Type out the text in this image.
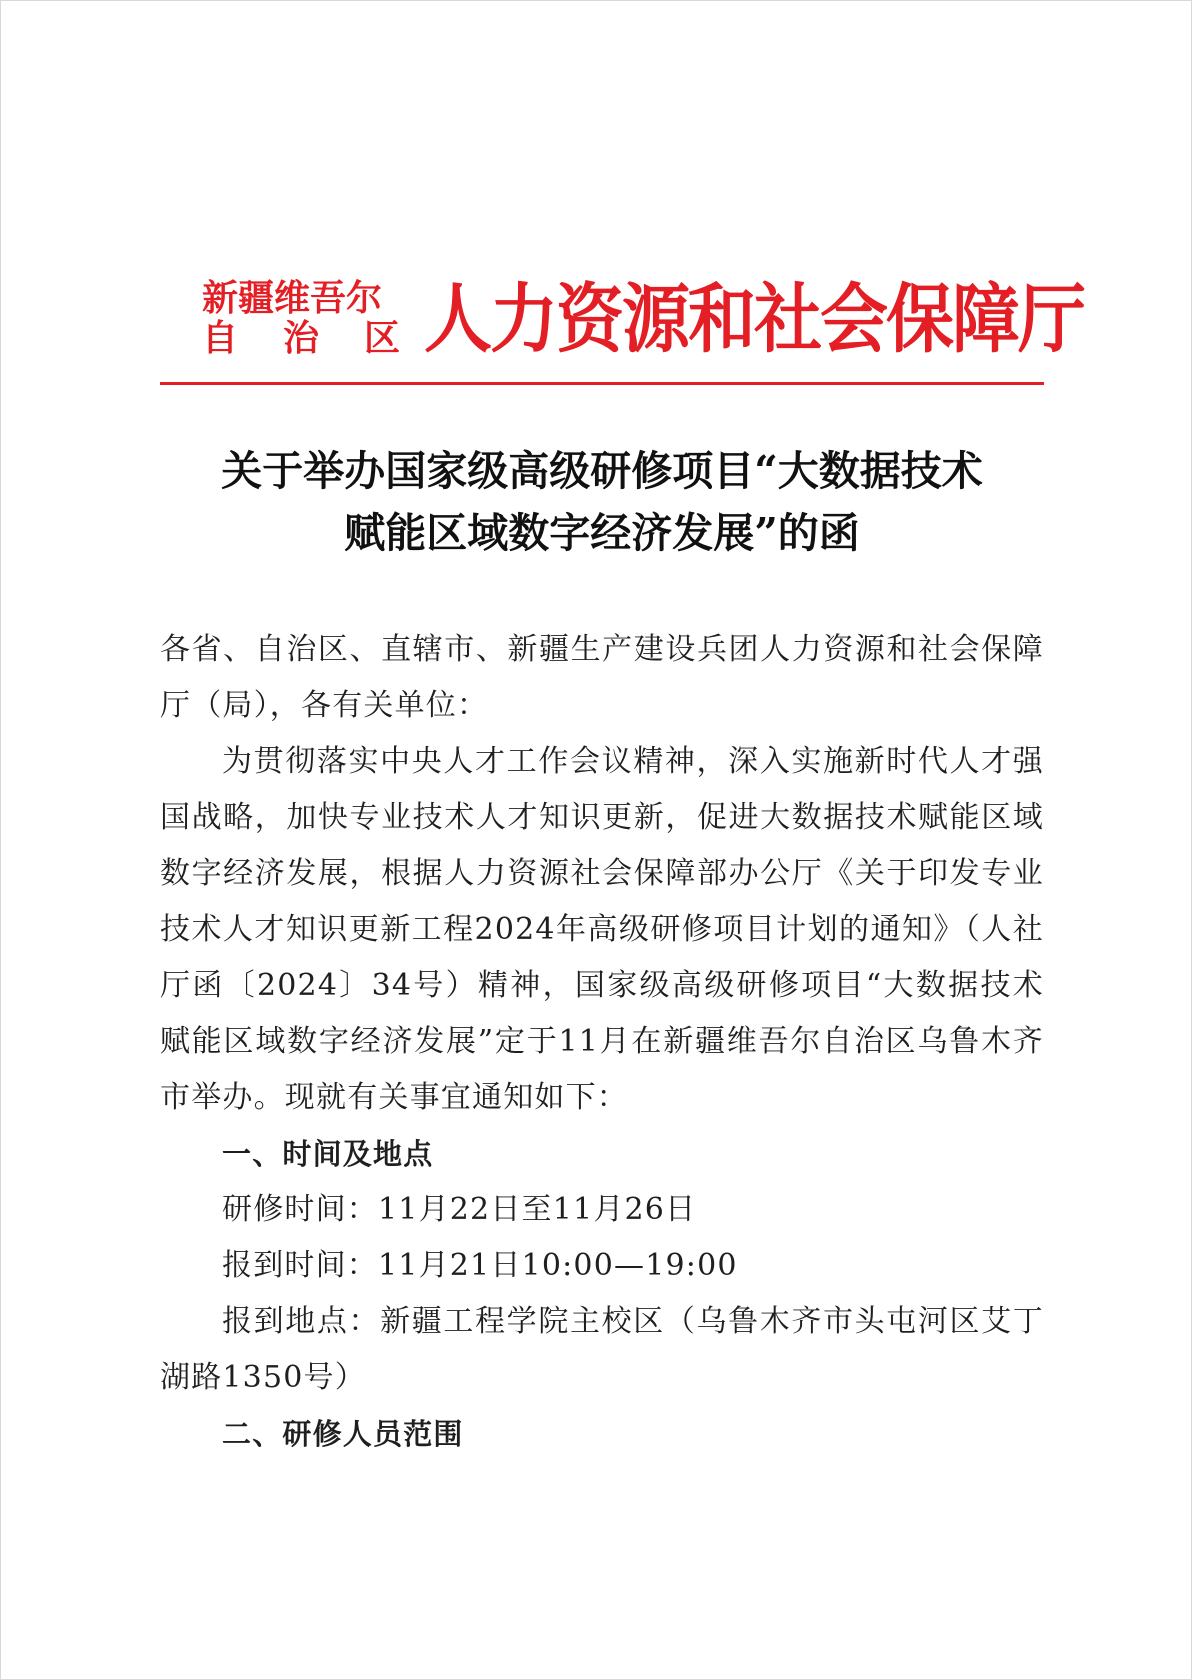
新疆维吾尔
自 治 区 人力资源和社会保障厅
关于举办国家级高级研修项目“大数据技术
赋能区域数字经济发展”的函

各省、自治区、直辖市、新疆生产建设兵团人力资源和社会保障厅（局），各有关单位：

为贯彻落实中央人才工作会议精神，深入实施新时代人才强国战略，加快专业技术人才知识更新，促进大数据技术赋能区域数字经济发展，根据人力资源社会保障部办公厅《关于印发专业技术人才知识更新工程2024年高级研修项目计划的通知》（人社厅函〔2024〕34号）精神，国家级高级研修项目“大数据技术赋能区域数字经济发展”定于11月在新疆维吾尔自治区乌鲁木齐市举办。现就有关事宜通知如下：

一、时间及地点

研修时间：11月22日至11月26日

报到时间：11月21日10:00—19:00

报到地点：新疆工程学院主校区（乌鲁木齐市头屯河区艾丁湖路1350号）

二、研修人员范围
